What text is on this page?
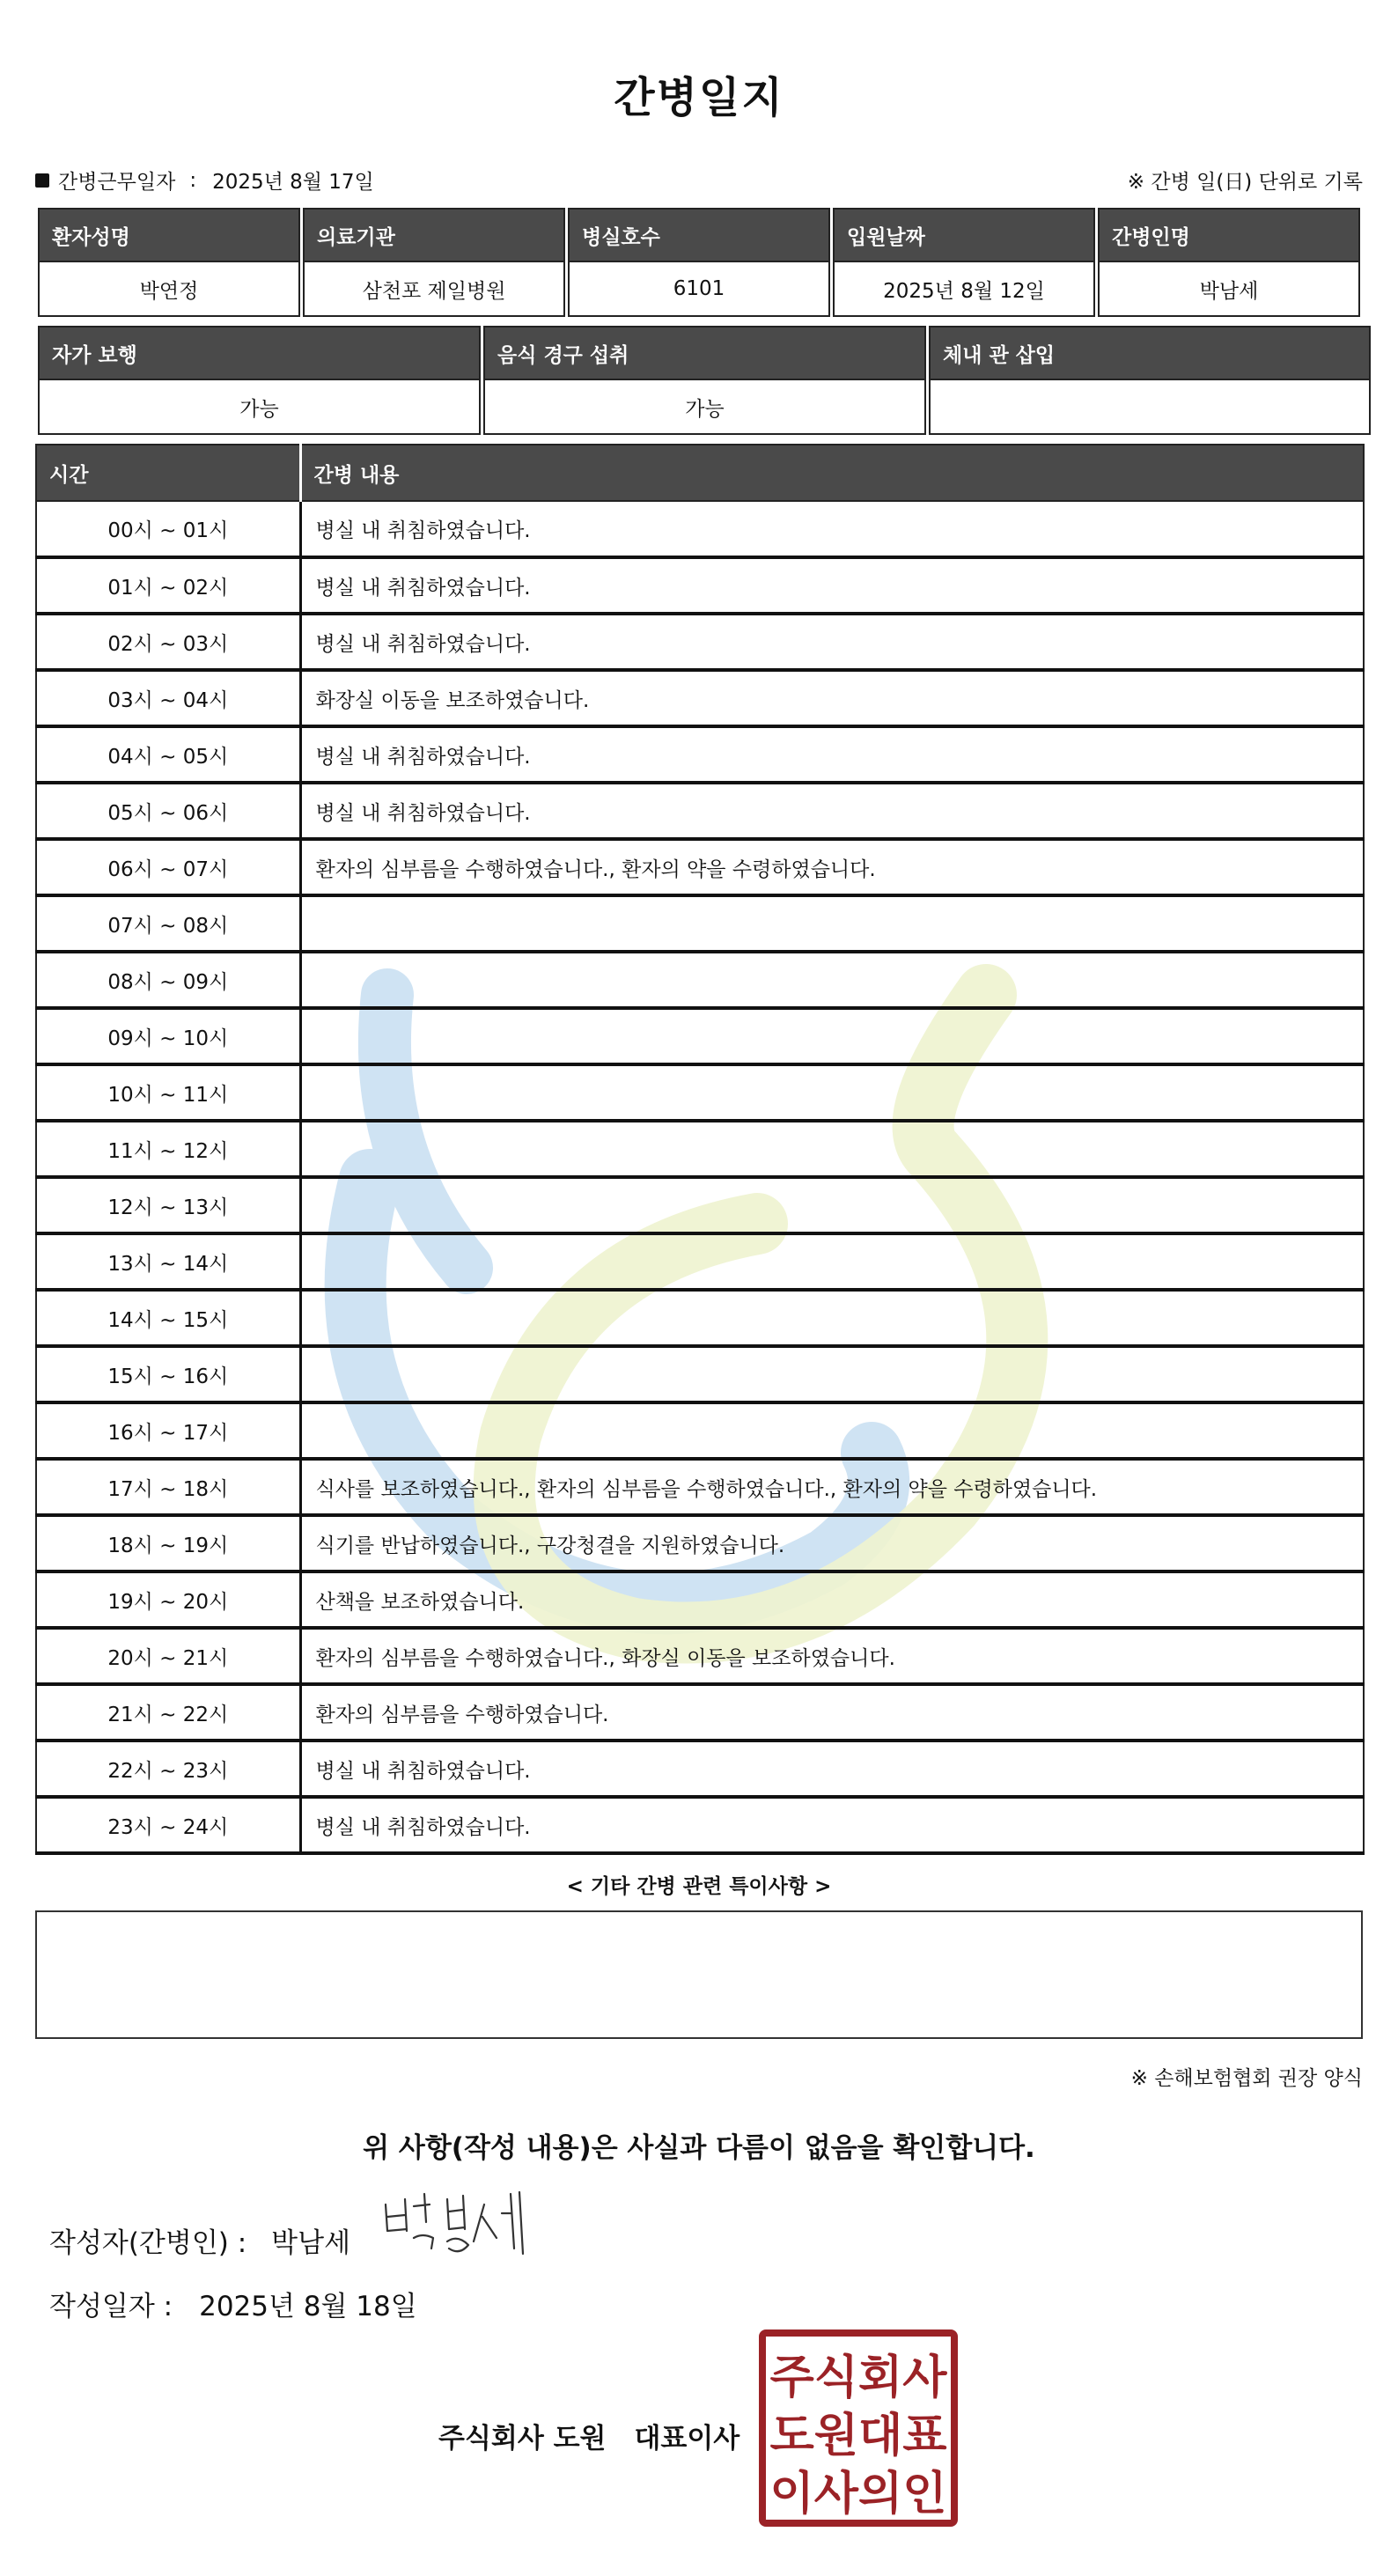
간병일지
간병근무일자 : 2025년 8월 17일	※ 간병 일(日) 단위로 기록
환자성명	의료기관	병실호수	입원날짜	간병인명
박연정	삼천포 제일병원	6101	2025년 8월 12일	박남세
자가 보행	음식 경구 섭취	체내 관 삽입
가능	가능	
시간	간병 내용
00시 ~ 01시	병실 내 취침하였습니다.
01시 ~ 02시	병실 내 취침하였습니다.
02시 ~ 03시	병실 내 취침하였습니다.
03시 ~ 04시	화장실 이동을 보조하였습니다.
04시 ~ 05시	병실 내 취침하였습니다.
05시 ~ 06시	병실 내 취침하였습니다.
06시 ~ 07시	환자의 심부름을 수행하였습니다., 환자의 약을 수령하였습니다.
07시 ~ 08시	
08시 ~ 09시	
09시 ~ 10시	
10시 ~ 11시	
11시 ~ 12시	
12시 ~ 13시	
13시 ~ 14시	
14시 ~ 15시	
15시 ~ 16시	
16시 ~ 17시	
17시 ~ 18시	식사를 보조하였습니다., 환자의 심부름을 수행하였습니다., 환자의 약을 수령하였습니다.
18시 ~ 19시	식기를 반납하였습니다., 구강청결을 지원하였습니다.
19시 ~ 20시	산책을 보조하였습니다.
20시 ~ 21시	환자의 심부름을 수행하였습니다., 화장실 이동을 보조하였습니다.
21시 ~ 22시	환자의 심부름을 수행하였습니다.
22시 ~ 23시	병실 내 취침하였습니다.
23시 ~ 24시	병실 내 취침하였습니다.
< 기타 간병 관련 특이사항 >
※ 손해보험협회 권장 양식
위 사항(작성 내용)은 사실과 다름이 없음을 확인합니다.
작성자(간병인) : 박남세
작성일자 : 2025년 8월 18일
주식회사 도원 대표이사
주식회사
도원대표
이사의인
